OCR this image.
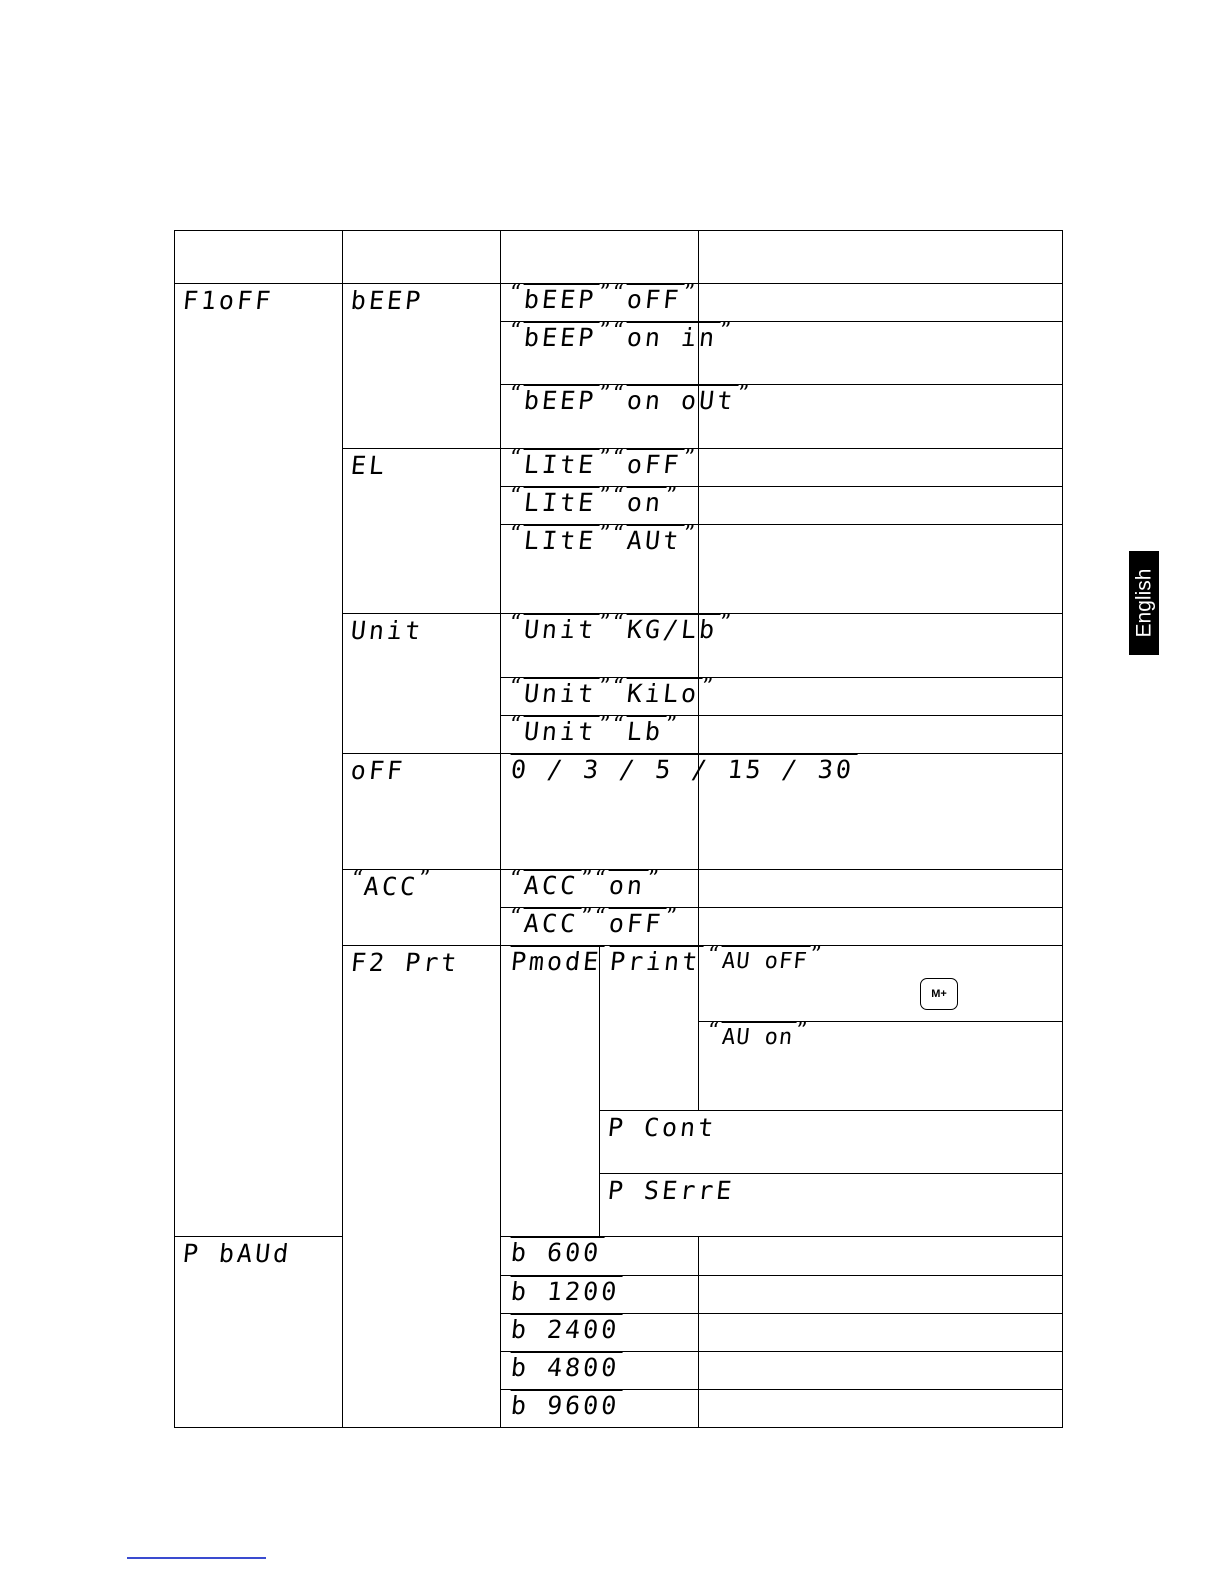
F1oFF	bEEP	“bEEP”“oFF”			
		“bEEP”“on in”			
		“bEEP”“on oUt”			
	EL	“LItE”“oFF”			
		“LItE”“on”			
		“LItE”“AUt”			
	Unit	“Unit”“KG/Lb”			
		“Unit”“KiLo”			
		“Unit”“Lb”			
	oFF	0 / 3 / 5 / 15 / 30			
	“ACC”	“ACC”“on”			
		“ACC”“oFF”			
	F2 Prt	PmodE	Print	“AU oFF”	
				“AU on”	
			P Cont		
			P SErrE		
P bAUd		b 600			
		b 1200			
		b 2400			
		b 4800			
		b 9600			
M+
English
